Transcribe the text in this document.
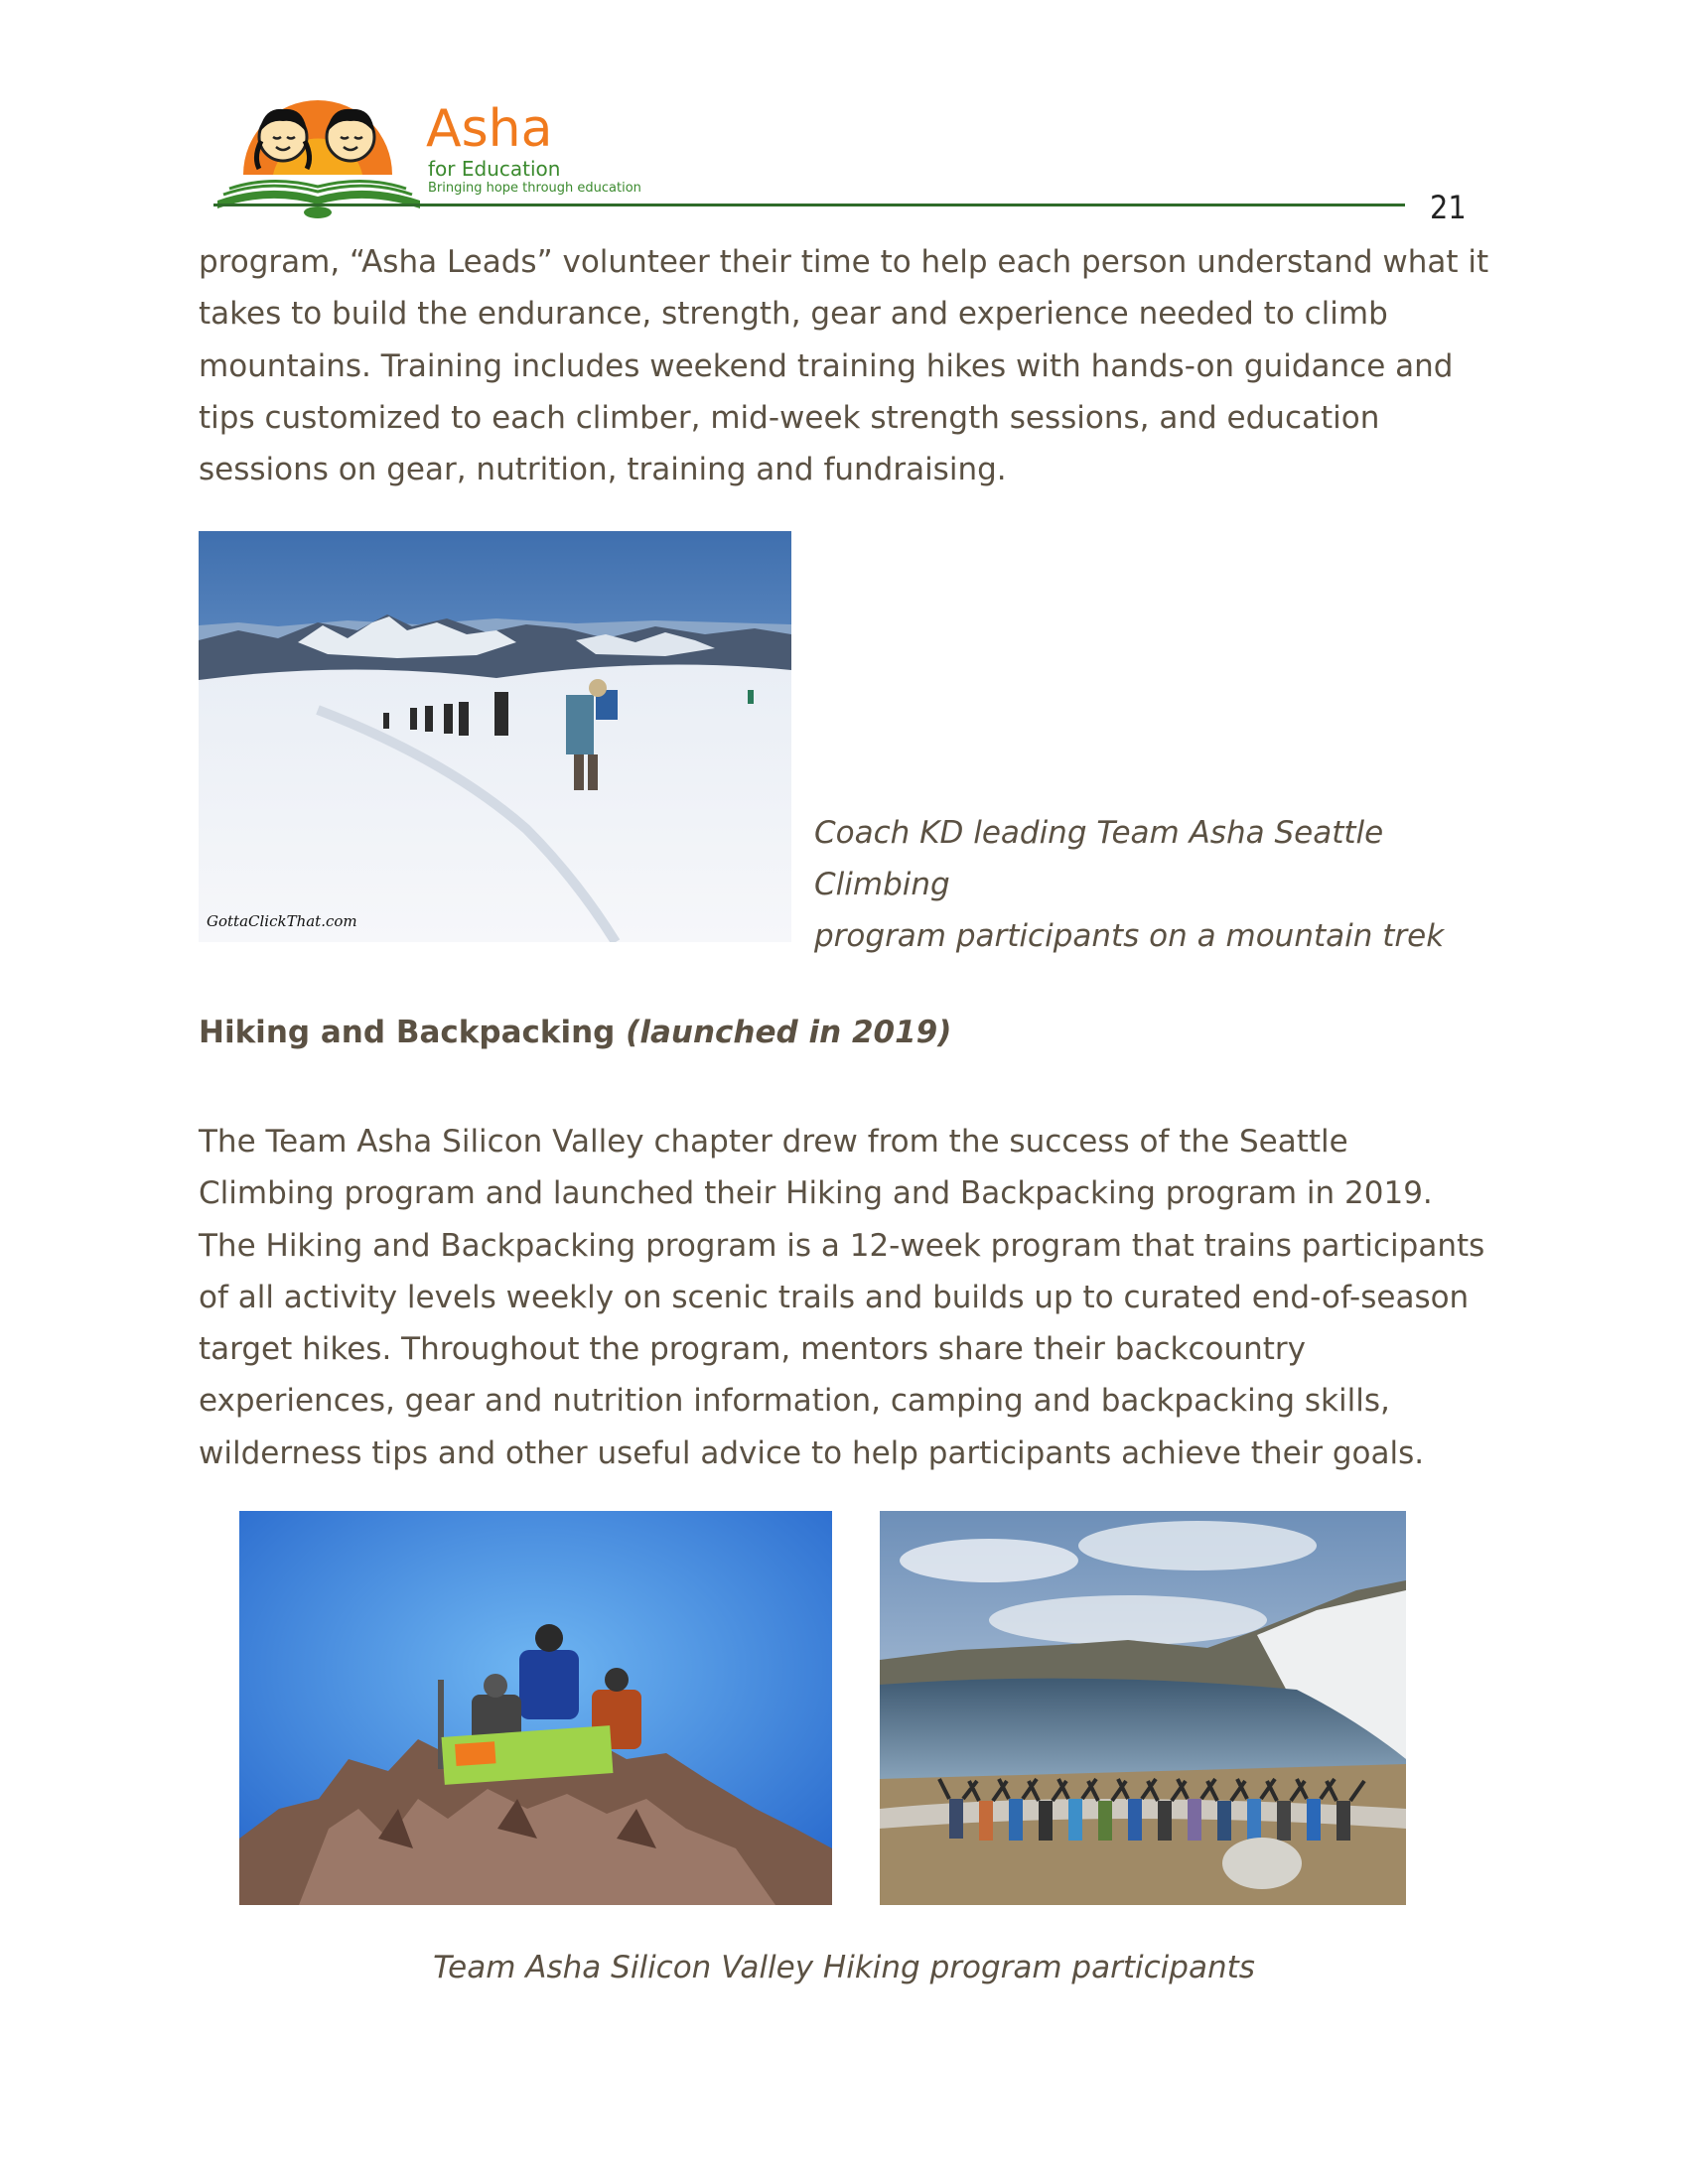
Asha
for Education
Bringing hope through education
21
program, “Asha Leads” volunteer their time to help each person understand what it takes to build the endurance, strength, gear and experience needed to climb mountains. Training includes weekend training hikes with hands-on guidance and tips customized to each climber, mid-week strength sessions, and education sessions on gear, nutrition, training and fundraising.
GottaClickThat.com
Coach KD leading Team Asha Seattle Climbing
program participants on a mountain trek
Hiking and Backpacking (launched in 2019)
The Team Asha Silicon Valley chapter drew from the success of the Seattle Climbing program and launched their Hiking and Backpacking program in 2019. The Hiking and Backpacking program is a 12-week program that trains participants of all activity levels weekly on scenic trails and builds up to curated end-of-season target hikes. Throughout the program, mentors share their backcountry experiences, gear and nutrition information, camping and backpacking skills, wilderness tips and other useful advice to help participants achieve their goals.
Team Asha Silicon Valley Hiking program participants
